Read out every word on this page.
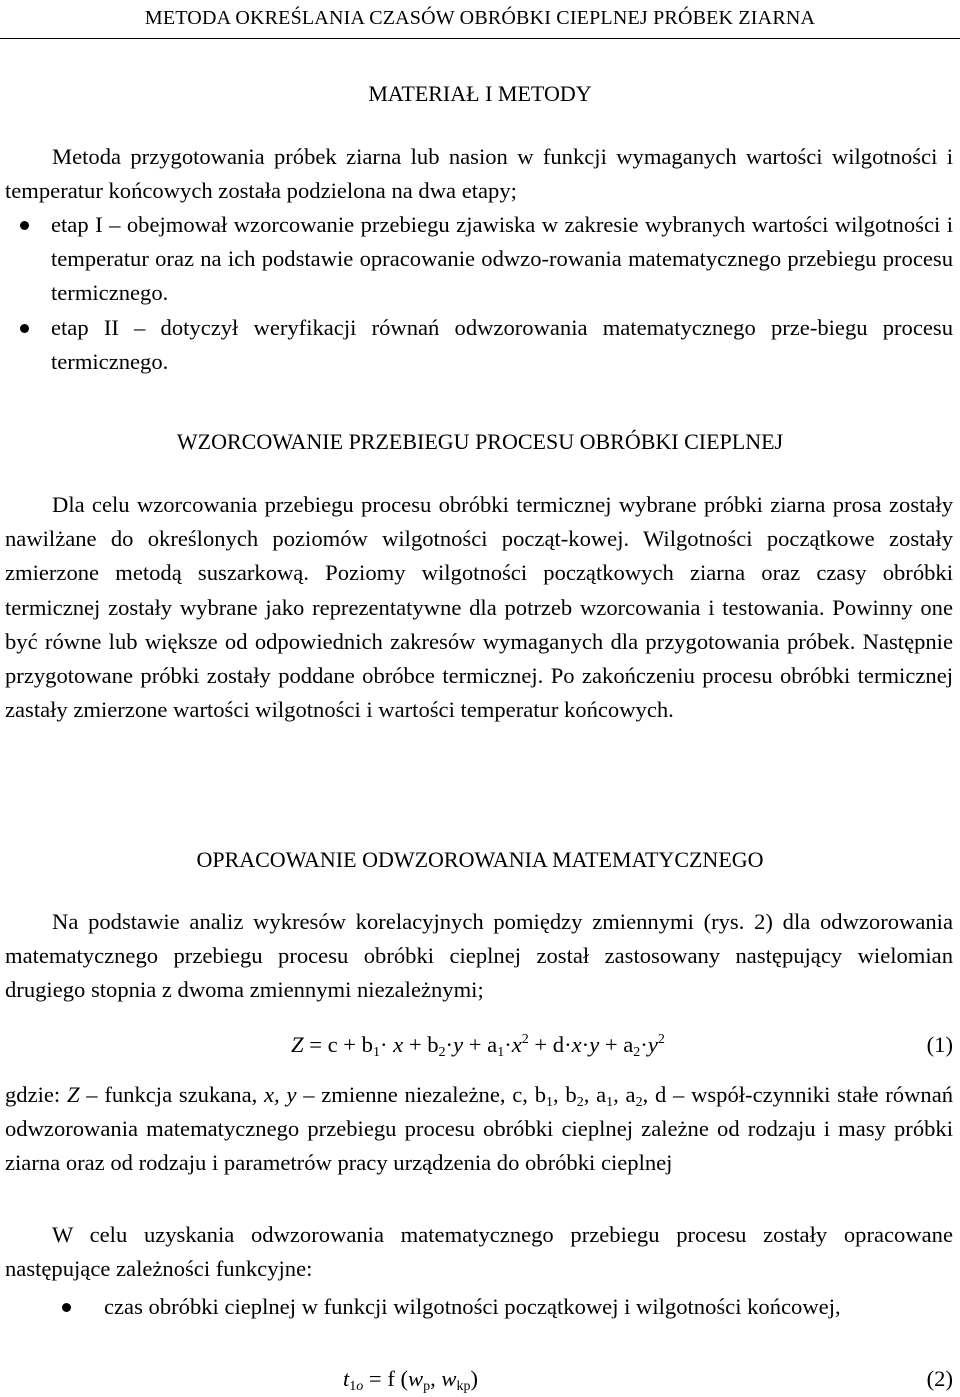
METODA OKREŚLANIA CZASÓW OBRÓBKI CIEPLNEJ PRÓBEK ZIARNA
MATERIAŁ I METODY

Metoda przygotowania próbek ziarna lub nasion w funkcji wymaganych wartości wilgotności i temperatur końcowych została podzielona na dwa etapy;

etap I – obejmował wzorcowanie przebiegu zjawiska w zakresie wybranych wartości wilgotności i temperatur oraz na ich podstawie opracowanie odwzo-rowania matematycznego przebiegu procesu termicznego.
etap II – dotyczył weryfikacji równań odwzorowania matematycznego prze-biegu procesu termicznego.
WZORCOWANIE PRZEBIEGU PROCESU OBRÓBKI CIEPLNEJ

Dla celu wzorcowania przebiegu procesu obróbki termicznej wybrane próbki ziarna prosa zostały nawilżane do określonych poziomów wilgotności począt-kowej. Wilgotności początkowe zostały zmierzone metodą suszarkową. Poziomy wilgotności początkowych ziarna oraz czasy obróbki termicznej zostały wybrane jako reprezentatywne dla potrzeb wzorcowania i testowania. Powinny one być równe lub większe od odpowiednich zakresów wymaganych dla przygotowania próbek. Następnie przygotowane próbki zostały poddane obróbce termicznej. Po zakończeniu procesu obróbki termicznej zastały zmierzone wartości wilgotności i wartości temperatur końcowych.

OPRACOWANIE ODWZOROWANIA MATEMATYCZNEGO

Na podstawie analiz wykresów korelacyjnych pomiędzy zmiennymi (rys. 2) dla odwzorowania matematycznego przebiegu procesu obróbki cieplnej został zastosowany następujący wielomian drugiego stopnia z dwoma zmiennymi niezależnymi;

$Z = c + b_1\cdot x + b_2\cdot y + a_1\cdot x^2 + d\cdot x\cdot y + a_2\cdot y^2$	(1)

gdzie: Z – funkcja szukana, x, y – zmienne niezależne, c, $b_1$, $b_2$, $a_1$, $a_2$, d – współ-czynniki stałe równań odwzorowania matematycznego przebiegu procesu obróbki cieplnej zależne od rodzaju i masy próbki ziarna oraz od rodzaju i parametrów pracy urządzenia do obróbki cieplnej

W celu uzyskania odwzorowania matematycznego przebiegu procesu zostały opracowane następujące zależności funkcyjne:

czas obróbki cieplnej w funkcji wilgotności początkowej i wilgotności końcowej,
$t_{1o} = f$ ($w_p$, $w_{kp}$)	(2)
